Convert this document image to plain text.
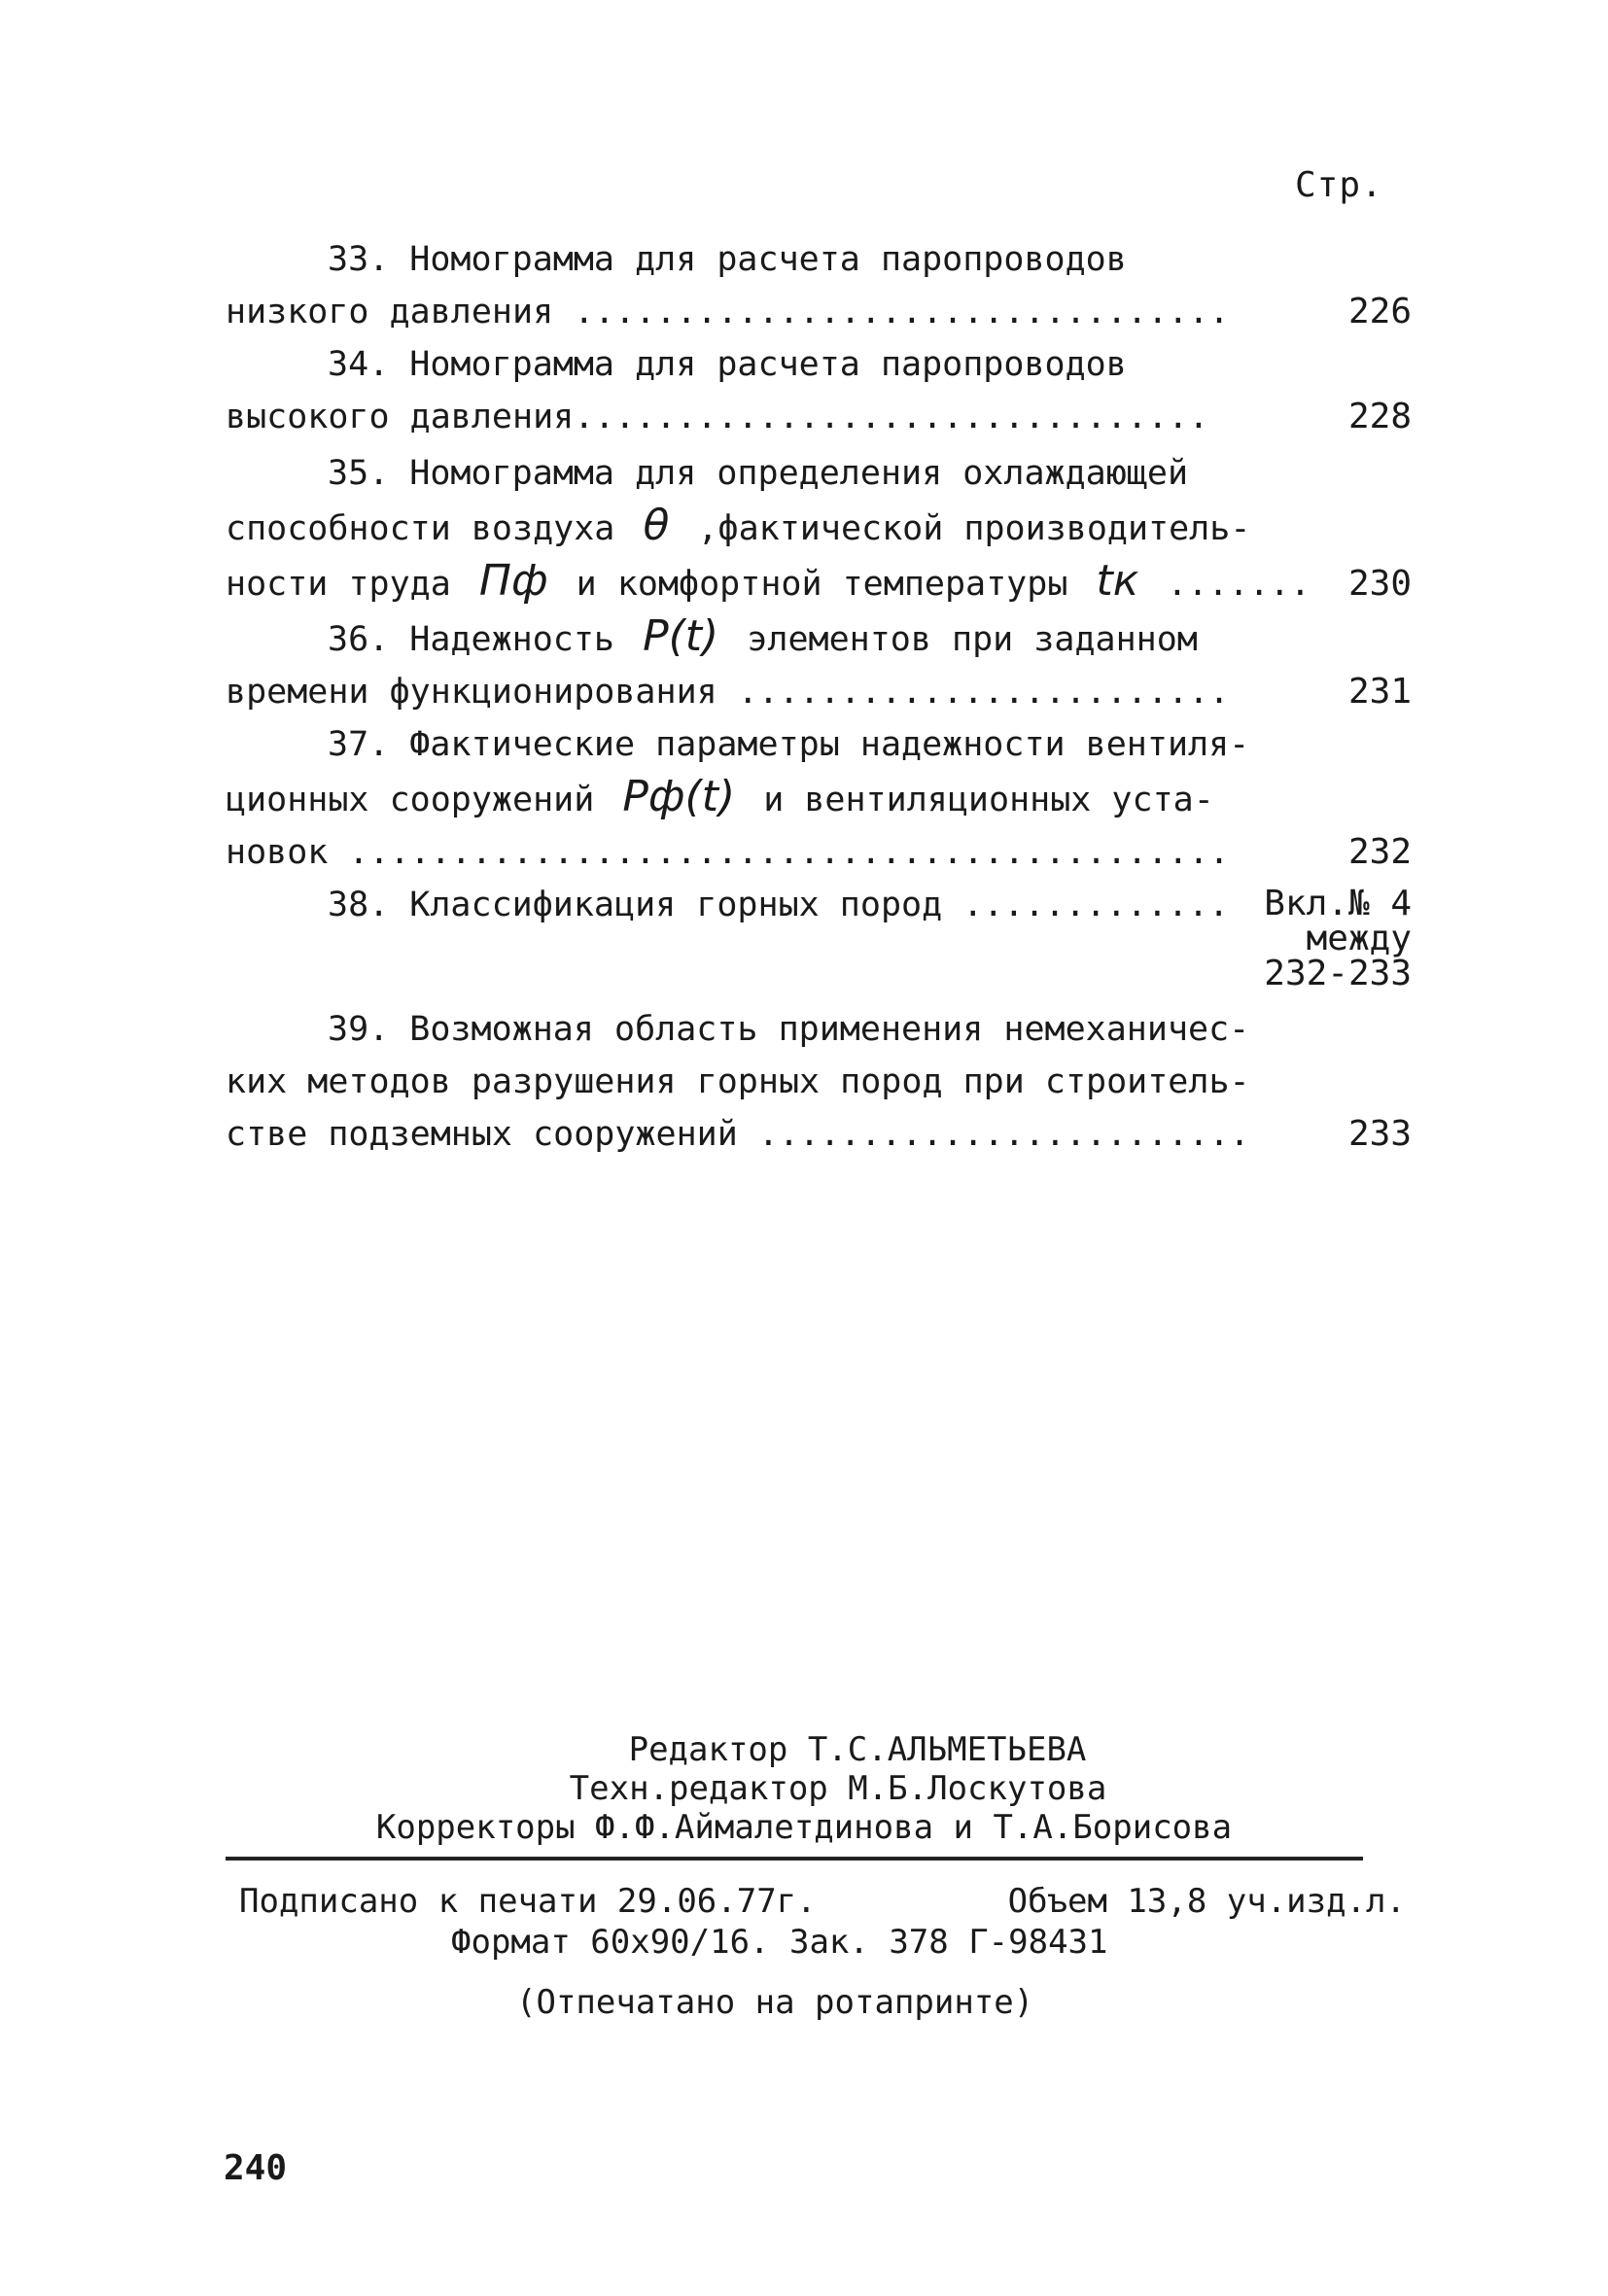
Стр.
33. Номограмма для расчета паропроводов
низкого давления ................................	226
34. Номограмма для расчета паропроводов
высокого давления...............................	228
35. Номограмма для определения охлаждающей
способности воздуха θ ,фактической производитель-
ности труда Пф и комфортной температуры tк ....... 230
36. Надежность P(t) элементов при заданном
времени функционирования ........................	231
37. Фактические параметры надежности вентиля-
ционных сооружений Pф(t) и вентиляционных уста-
новок ...........................................	232
38. Классификация горных пород .............	Вкл.№ 4
между
232-233
39. Возможная область применения немеханичес-
ких методов разрушения горных пород при строитель-
стве подземных сооружений ........................	233
Редактор Т.С.АЛЬМЕТЬЕВА
Техн.редактор М.Б.Лоскутова
Корректоры Ф.Ф.Аймалетдинова и Т.А.Борисова
Подписано к печати 29.06.77г.	Объем 13,8 уч.изд.л.
Формат 60х90/16. Зак. 378 Г-98431
(Отпечатано на ротапринте)
240
